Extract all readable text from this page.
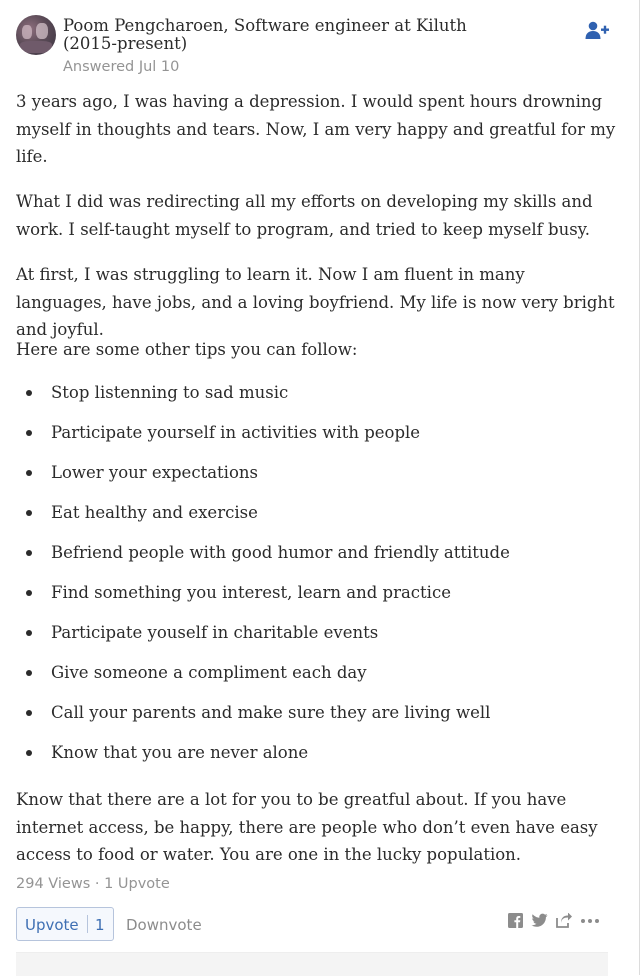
Poom Pengcharoen, Software engineer at Kiluth (2015-present)
Answered Jul 10

3 years ago, I was having a depression. I would spent hours drowning myself in thoughts and tears. Now, I am very happy and greatful for my life.

What I did was redirecting all my efforts on developing my skills and work. I self-taught myself to program, and tried to keep myself busy.

At first, I was struggling to learn it. Now I am fluent in many languages, have jobs, and a loving boyfriend. My life is now very bright and joyful.

Here are some other tips you can follow:

Stop listenning to sad music
Participate yourself in activities with people
Lower your expectations
Eat healthy and exercise
Befriend people with good humor and friendly attitude
Find something you interest, learn and practice
Participate youself in charitable events
Give someone a compliment each day
Call your parents and make sure they are living well
Know that you are never alone

Know that there are a lot for you to be greatful about. If you have internet access, be happy, there are people who don’t even have easy access to food or water. You are one in the lucky population.

294 Views · 1 Upvote
Upvote 1 Downvote
